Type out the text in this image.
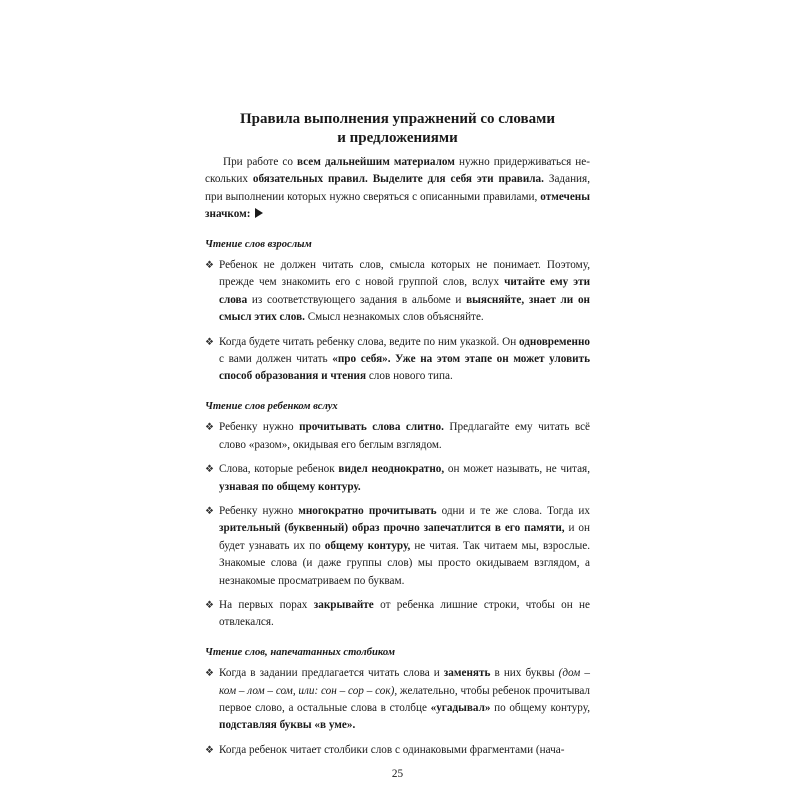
Правила выполнения упражнений со словами
и предложениями

При работе со всем дальнейшим материалом нужно придерживаться не-скольких обязательных правил. Выделите для себя эти правила. Задания, при выполнении которых нужно сверяться с описанными правилами, отмечены значком:

Чтение слов взрослым
❖ Ребенок не должен читать слов, смысла которых не понимает. Поэтому, прежде чем знакомить его с новой группой слов, вслух читайте ему эти слова из соответствующего задания в альбоме и выясняйте, знает ли он смысл этих слов. Смысл незнакомых слов объясняйте.
❖ Когда будете читать ребенку слова, ведите по ним указкой. Он одновременно с вами должен читать «про себя». Уже на этом этапе он может уловить способ образования и чтения слов нового типа.
Чтение слов ребенком вслух
❖ Ребенку нужно прочитывать слова слитно. Предлагайте ему читать всё слово «разом», окидывая его беглым взглядом.
❖ Слова, которые ребенок видел неоднократно, он может называть, не читая, узнавая по общему контуру.
❖ Ребенку нужно многократно прочитывать одни и те же слова. Тогда их зрительный (буквенный) образ прочно запечатлится в его памяти, и он будет узнавать их по общему контуру, не читая. Так читаем мы, взрослые. Знакомые слова (и даже группы слов) мы просто окидываем взглядом, а незнакомые просматриваем по буквам.
❖ На первых порах закрывайте от ребенка лишние строки, чтобы он не отвлекался.
Чтение слов, напечатанных столбиком
❖ Когда в задании предлагается читать слова и заменять в них буквы (дом – ком – лом – сом, или: сон – сор – сок), желательно, чтобы ребенок прочитывал первое слово, а остальные слова в столбце «угадывал» по общему контуру, подставляя буквы «в уме».
❖ Когда ребенок читает столбики слов с одинаковыми фрагментами (нача-
25
